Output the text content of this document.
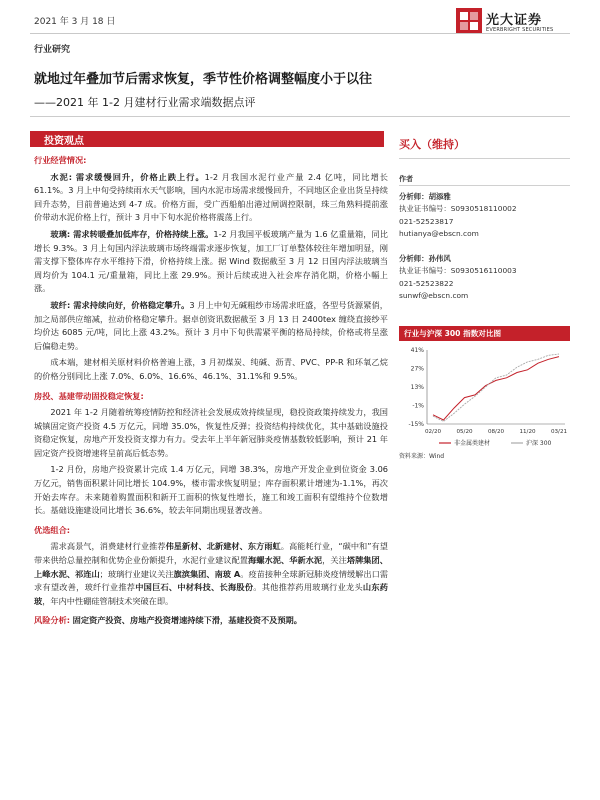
2021 年 3 月 18 日	光大证券
EVERBRIGHT SECURITIES
行业研究
就地过年叠加节后需求恢复，季节性价格调整幅度小于以往
——2021 年 1-2 月建材行业需求端数据点评
投资观点

行业经营情况:

水泥: 需求缓慢回升，价格止跌上行。1-2 月我国水泥行业产量 2.4 亿吨，同比增长 61.1%。3 月上中旬受持续雨水天气影响，国内水泥市场需求缓慢回升，不同地区企业出货呈持续回升态势，目前普遍达到 4-7 成。价格方面，受广西船舶出港过闸调控限制，珠三角熟料提前涨价带动水泥价格上行，预计 3 月中下旬水泥价格将震荡上行。

玻璃: 需求转暖叠加低库存，价格持续上涨。1-2 月我国平板玻璃产量为 1.6 亿重量箱，同比增长 9.3%。3 月上旬国内浮法玻璃市场终端需求逐步恢复，加工厂订单整体较往年增加明显，刚需支撑下整体库存水平维持下滑，价格持续上涨。据 Wind 数据截至 3 月 12 日国内浮法玻璃当周均价为 104.1 元/重量箱，同比上涨 29.9%。预计后续或进入社会库存消化期，价格小幅上涨。

玻纤: 需求持续向好，价格稳定攀升。3 月上中旬无碱粗纱市场需求旺盛，各型号货源紧俏，加之局部供应缩减，拉动价格稳定攀升。据卓创资讯数据截至 3 月 13 日 2400tex 缠绕直接纱平均价达 6085 元/吨，同比上涨 43.2%。预计 3 月中下旬供需紧平衡的格局持续，价格或将呈涨后偏稳走势。

成本端，建材相关原材料价格普遍上涨，3 月初煤炭、纯碱、沥青、PVC、PP-R 和环氧乙烷的价格分别同比上涨 7.0%、6.0%、16.6%、46.1%、31.1%和 9.5%。

房投、基建带动固投稳定恢复:

2021 年 1-2 月随着统筹疫情防控和经济社会发展成效持续显现，稳投资政策持续发力，我国城镇固定资产投资 4.5 万亿元，同增 35.0%，恢复性反弹；投资结构持续优化，其中基础设施投资稳定恢复，房地产开发投资支撑力有力。受去年上半年新冠肺炎疫情基数较低影响，预计 21 年固定资产投资增速将呈前高后低态势。

1-2 月份，房地产投资累计完成 1.4 万亿元，同增 38.3%，房地产开发企业到位资金 3.06 万亿元，销售面积累计同比增长 104.9%，楼市需求恢复明显；库存面积累计增速为-1.1%，再次开始去库存。未来随着购置面积和新开工面积的恢复性增长，施工和竣工面积有望维持个位数增长。基础设施建设同比增长 36.6%，较去年同期出现显著改善。

优选组合:

需求高景气，消费建材行业推荐伟星新材、北新建材、东方雨虹。高能耗行业，“碳中和”有望带来供给总量控制和优势企业份额提升，水泥行业建议配置海螺水泥、华新水泥，关注塔牌集团、上峰水泥、祁连山；玻璃行业建议关注旗滨集团、南玻 A。疫苗接种全球新冠肺炎疫情缓解出口需求有望改善，玻纤行业推荐中国巨石、中材科技、长海股份。其他推荐药用玻璃行业龙头山东药玻，年内中性硼硅管制技术突破在即。

风险分析: 固定资产投资、房地产投资增速持续下滑，基建投资不及预期。

买入（维持）
作者
分析师：胡添雅
执业证书编号：S0930518110002
021-52523817
hutianya@ebscn.com
分析师：孙伟风
执业证书编号：S0930516110003
021-52523822
sunwf@ebscn.com
行业与沪深 300 指数对比图
41%
27%
13%
-1%
-15%
02/20	05/20	08/20	11/20	03/21
非金属类建材	沪深 300
资料来源：Wind
